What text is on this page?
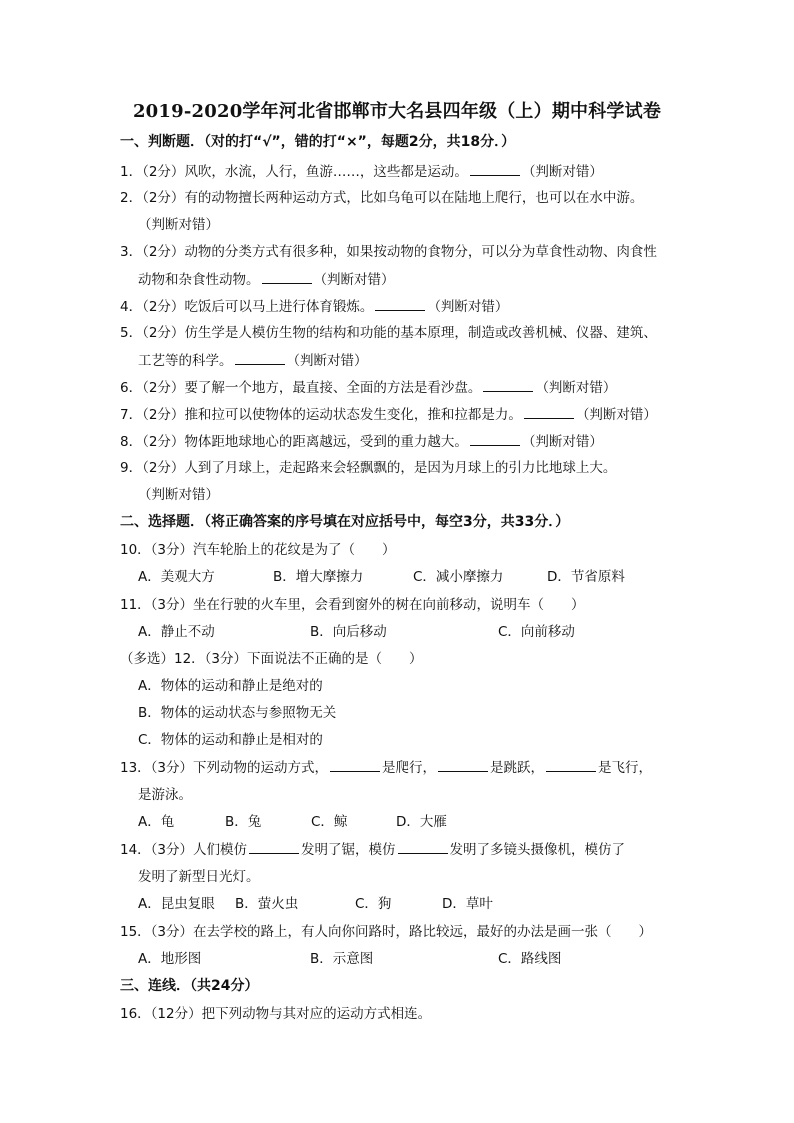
2019-2020学年河北省邯郸市大名县四年级（上）期中科学试卷
一、判断题．（对的打“√”，错的打“×”，每题2分，共18分．）
1．（2分）风吹，水流，人行，鱼游……，这些都是运动。	（判断对错）
2．（2分）有的动物擅长两种运动方式，比如乌龟可以在陆地上爬行，也可以在水中游。
（判断对错）
3．（2分）动物的分类方式有很多种，如果按动物的食物分，可以分为草食性动物、肉食性
动物和杂食性动物。	（判断对错）
4．（2分）吃饭后可以马上进行体育锻炼。	（判断对错）
5．（2分）仿生学是人模仿生物的结构和功能的基本原理，制造或改善机械、仪器、建筑、
工艺等的科学。	（判断对错）
6．（2分）要了解一个地方，最直接、全面的方法是看沙盘。	（判断对错）
7．（2分）推和拉可以使物体的运动状态发生变化，推和拉都是力。	（判断对错）
8．（2分）物体距地球地心的距离越远，受到的重力越大。	（判断对错）
9．（2分）人到了月球上，走起路来会轻飘飘的，是因为月球上的引力比地球上大。
（判断对错）
二、选择题．（将正确答案的序号填在对应括号中，每空3分，共33分．）
10．（3分）汽车轮胎上的花纹是为了（　　）
A．美观大方	B．增大摩擦力	C．减小摩擦力	D．节省原料
11．（3分）坐在行驶的火车里，会看到窗外的树在向前移动，说明车（　　）
A．静止不动	B．向后移动	C．向前移动
（多选）12．（3分）下面说法不正确的是（　　）
A．物体的运动和静止是绝对的
B．物体的运动状态与参照物无关
C．物体的运动和静止是相对的
13．（3分）下列动物的运动方式，	是爬行，	是跳跃，	是飞行，
是游泳。
A．龟	B．兔	C．鲸	D．大雁
14．（3分）人们模仿	发明了锯，模仿	发明了多镜头摄像机，模仿了
发明了新型日光灯。
A．昆虫复眼 B．萤火虫	C．狗	D．草叶
15．（3分）在去学校的路上，有人向你问路时，路比较远，最好的办法是画一张（　　）
A．地形图	B．示意图	C．路线图
三、连线．（共24分）
16．（12分）把下列动物与其对应的运动方式相连。
